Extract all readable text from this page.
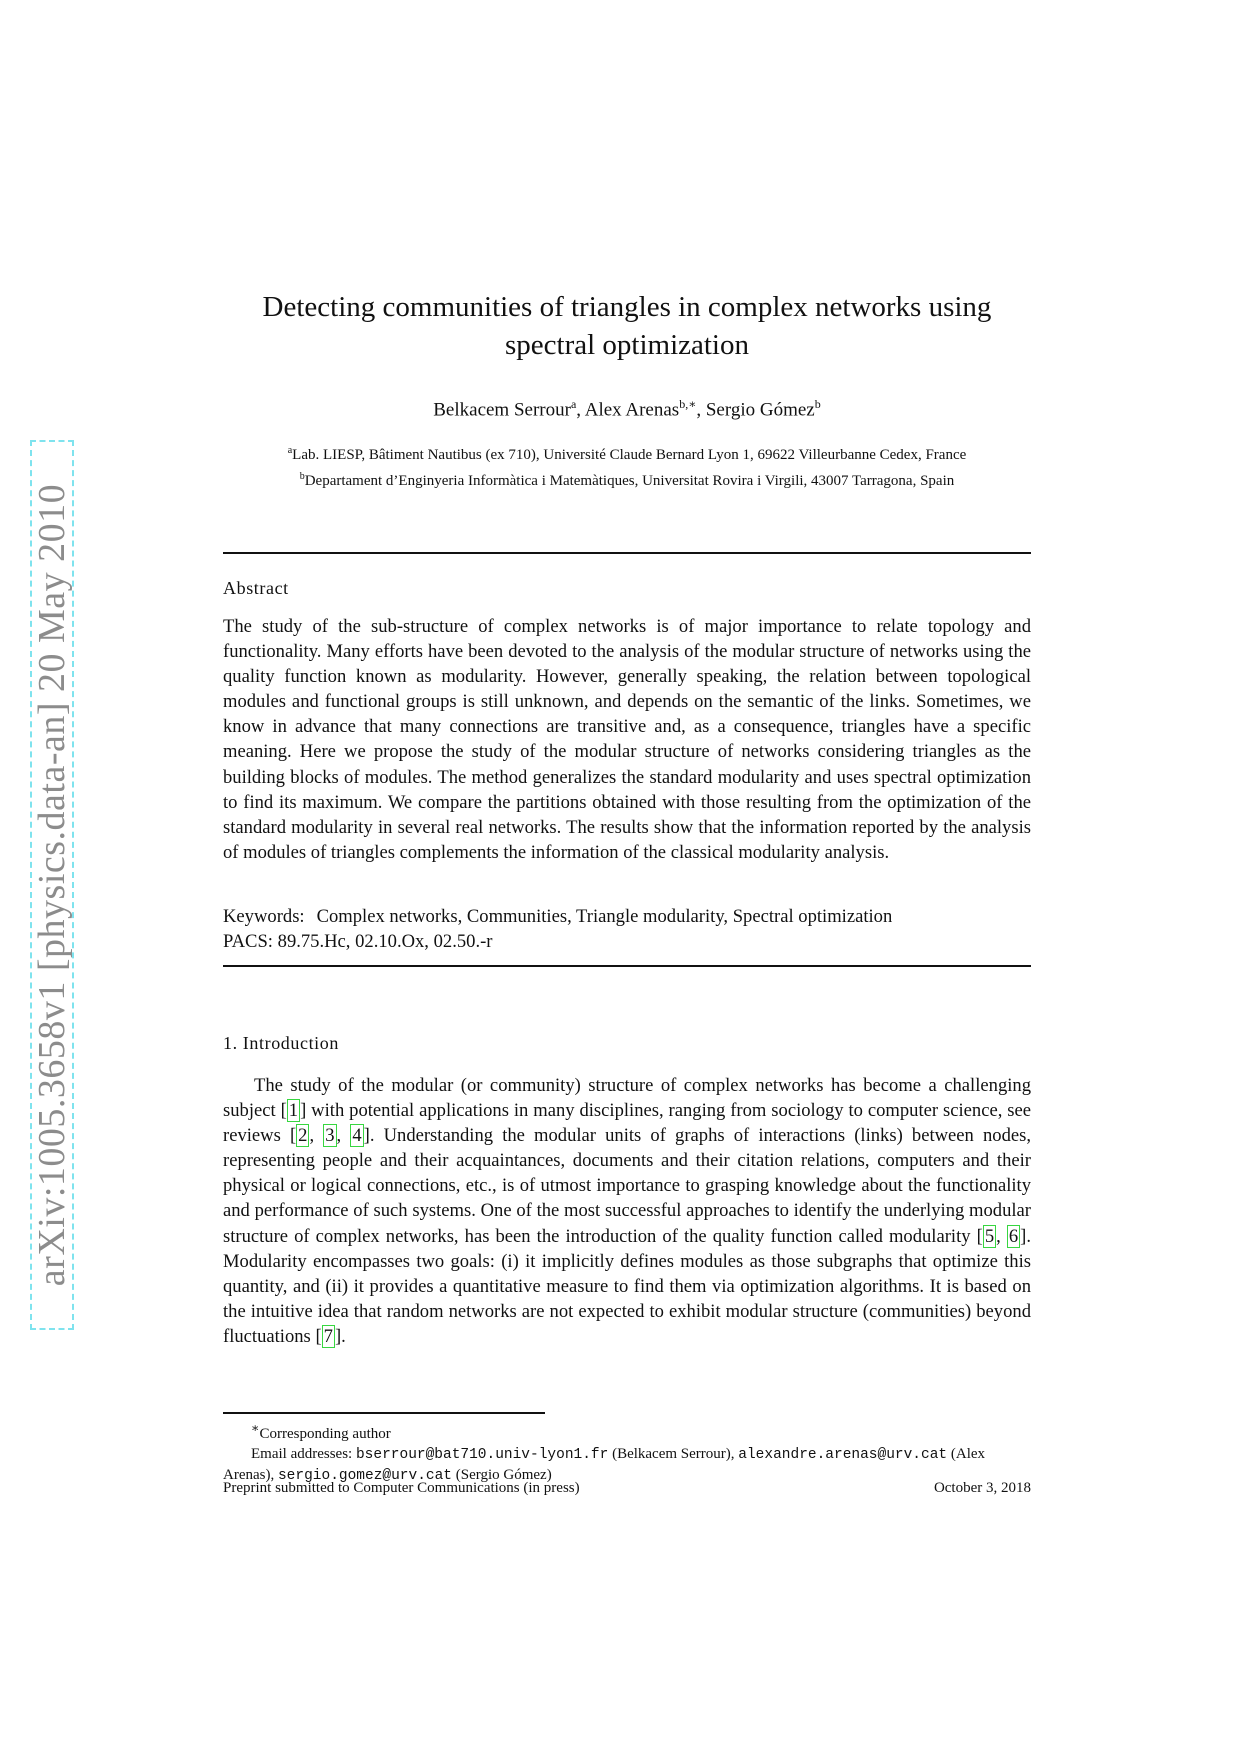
arXiv:1005.3658v1 [physics.data-an] 20 May 2010
Detecting communities of triangles in complex networks using
spectral optimization
Belkacem Serrour$^a$, Alex Arenas$^{b,∗}$, Sergio Gómez$^b$
$^a$Lab. LIESP, Bâtiment Nautibus (ex 710), Université Claude Bernard Lyon 1, 69622 Villeurbanne Cedex, France
$^b$Departament d’Enginyeria Informàtica i Matemàtiques, Universitat Rovira i Virgili, 43007 Tarragona, Spain
Abstract
The study of the sub-structure of complex networks is of major importance to relate topology and functionality. Many efforts have been devoted to the analysis of the modular structure of networks using the quality function known as modularity. However, generally speaking, the relation between topological modules and functional groups is still unknown, and depends on the semantic of the links. Sometimes, we know in advance that many connections are transitive and, as a consequence, triangles have a specific meaning. Here we propose the study of the modular structure of networks considering triangles as the building blocks of modules. The method generalizes the standard modularity and uses spectral optimization to find its maximum. We compare the partitions obtained with those resulting from the optimization of the standard modularity in several real networks. The results show that the information reported by the analysis of modules of triangles complements the information of the classical modularity analysis.
Keywords: Complex networks, Communities, Triangle modularity, Spectral optimization
PACS: 89.75.Hc, 02.10.Ox, 02.50.-r
1. Introduction
The study of the modular (or community) structure of complex networks has become a challenging subject [ 1 ] with potential applications in many disciplines, ranging from sociology to computer science, see reviews [ 2 , 3 , 4 ]. Understanding the modular units of graphs of interactions (links) between nodes, representing people and their acquaintances, documents and their citation relations, computers and their physical or logical connections, etc., is of utmost importance to grasping knowledge about the functionality and performance of such systems. One of the most successful approaches to identify the underlying modular structure of complex networks, has been the introduction of the quality function called modularity [ 5 , 6 ]. Modularity encompasses two goals: (i) it implicitly defines modules as those subgraphs that optimize this quantity, and (ii) it provides a quantitative measure to find them via optimization algorithms. It is based on the intuitive idea that random networks are not expected to exhibit modular structure (communities) beyond fluctuations [ 7 ].
∗Corresponding author
Email addresses: bserrour@bat710.univ-lyon1.fr (Belkacem Serrour), alexandre.arenas@urv.cat (Alex Arenas), sergio.gomez@urv.cat (Sergio Gómez)
Preprint submitted to Computer Communications (in press)	October 3, 2018
